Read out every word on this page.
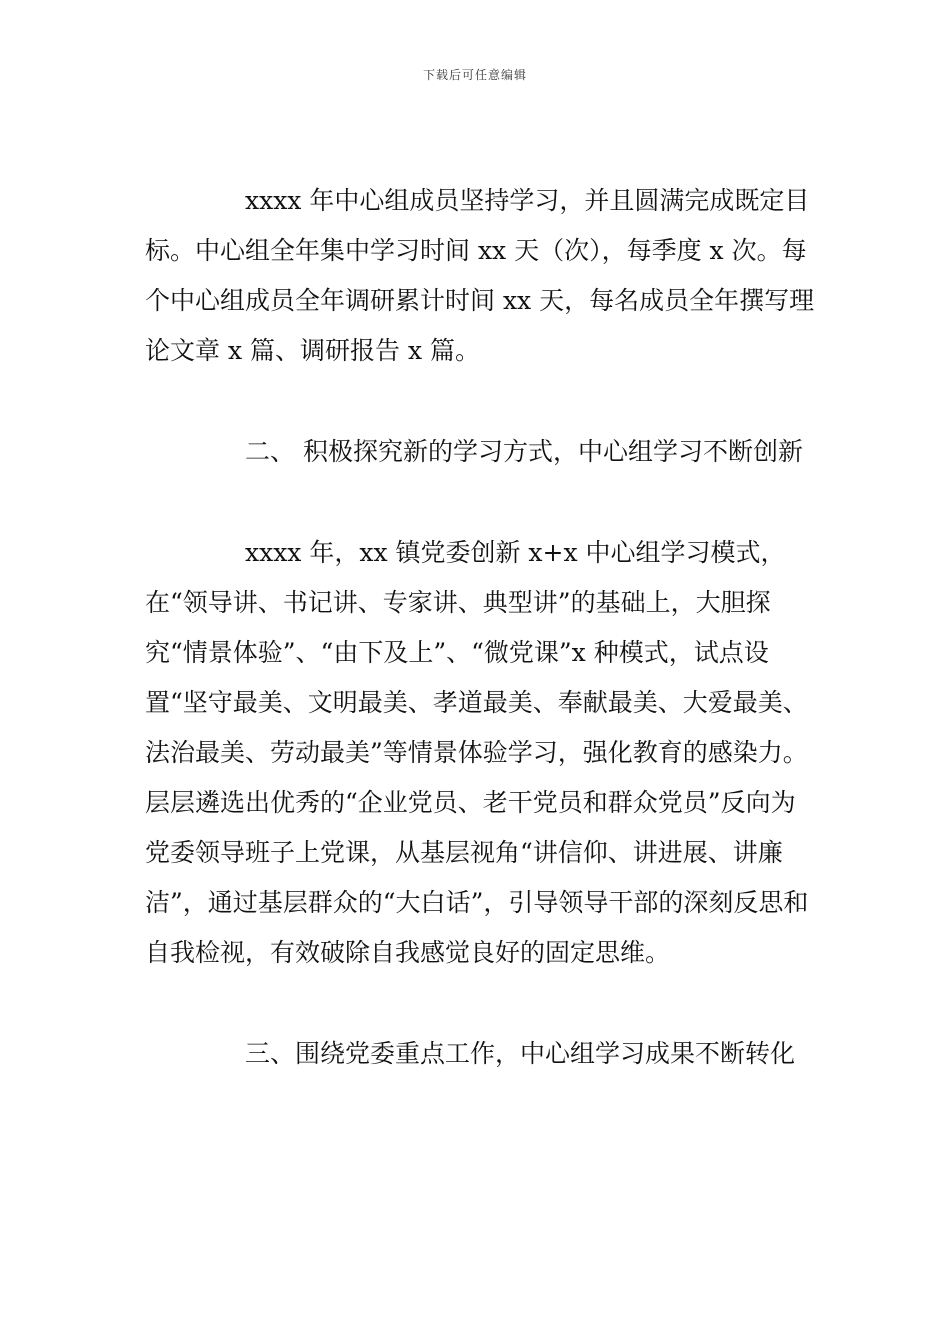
下载后可任意编辑

xxxx 年中心组成员坚持学习，并且圆满完成既定目标。中心组全年集中学习时间 xx 天（次），每季度 x 次。每个中心组成员全年调研累计时间 xx 天，每名成员全年撰写理论文章 x 篇、调研报告 x 篇。

二、 积极探究新的学习方式，中心组学习不断创新

xxxx 年，xx 镇党委创新 x+x 中心组学习模式，在“领导讲、书记讲、专家讲、典型讲”的基础上，大胆探究“情景体验”、“由下及上”、“微党课”x 种模式，试点设置“坚守最美、文明最美、孝道最美、奉献最美、大爱最美、法治最美、劳动最美”等情景体验学习，强化教育的感染力。层层遴选出优秀的“企业党员、老干党员和群众党员”反向为党委领导班子上党课，从基层视角“讲信仰、讲进展、讲廉洁”，通过基层群众的“大白话”，引导领导干部的深刻反思和自我检视，有效破除自我感觉良好的固定思维。

三、围绕党委重点工作，中心组学习成果不断转化
